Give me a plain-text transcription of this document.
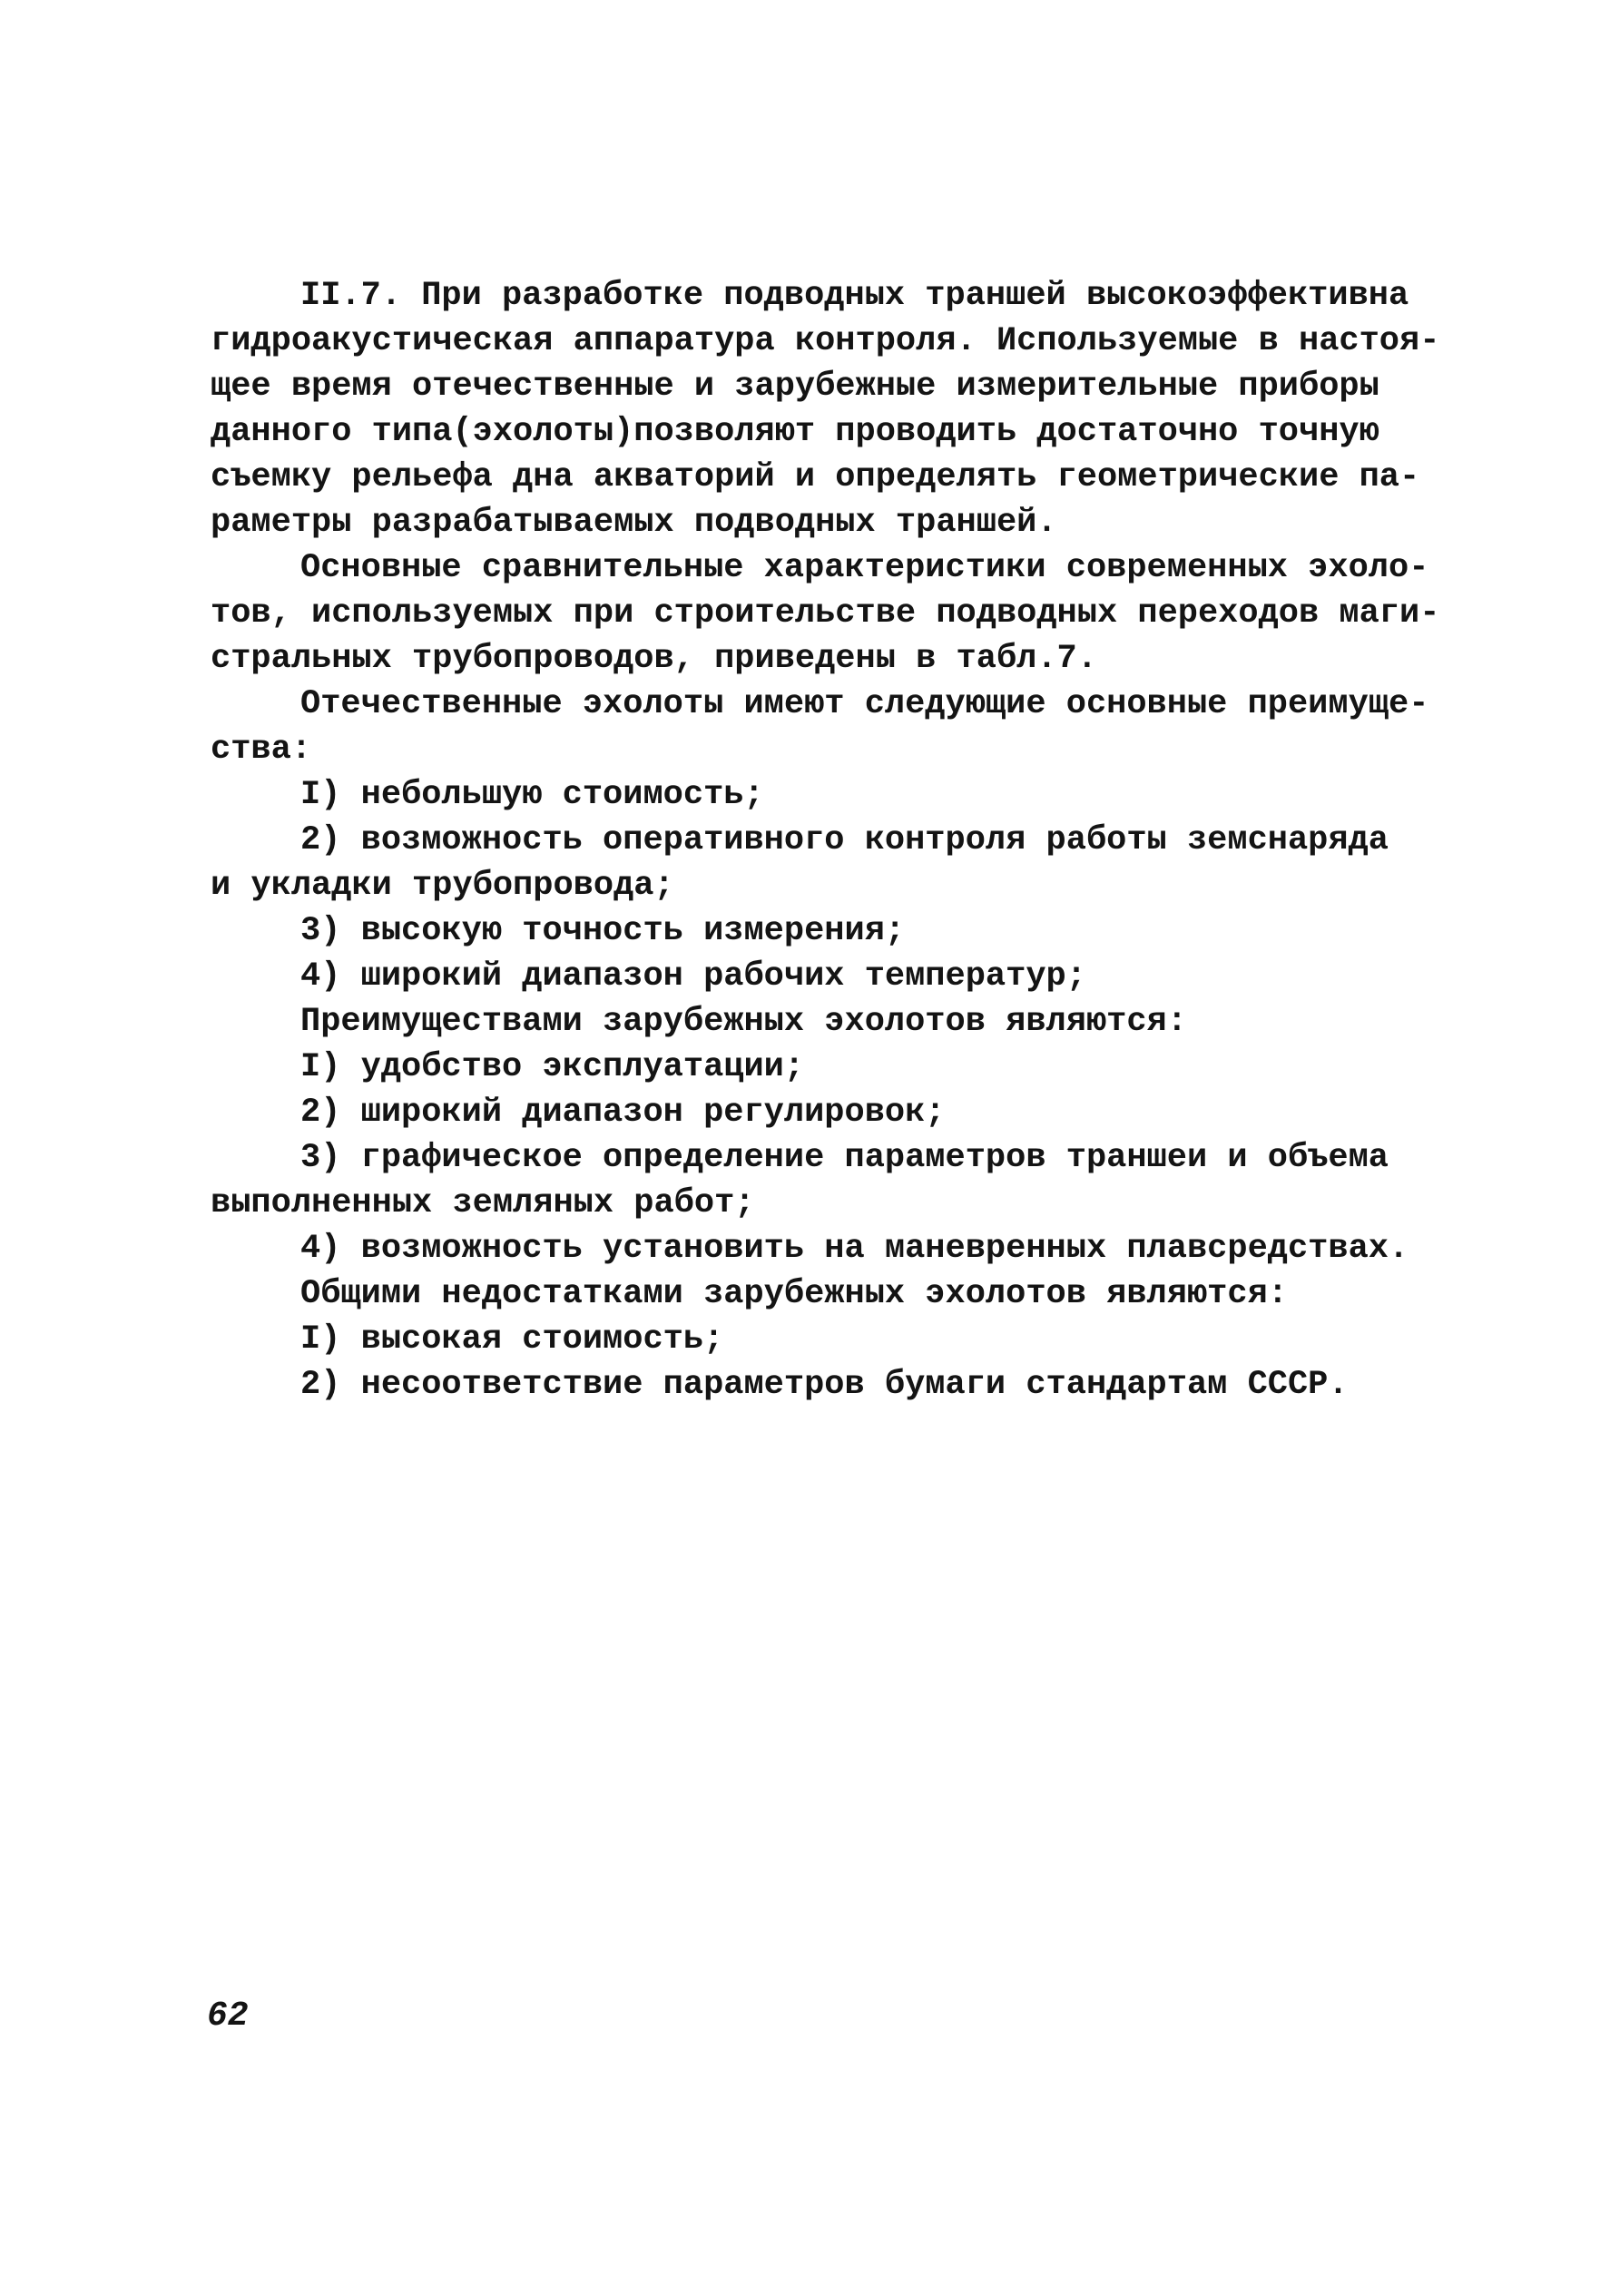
II.7. При разработке подводных траншей высокоэффективна
гидроакустическая аппаратура контроля. Используемые в настоя-
щее время отечественные и зарубежные измерительные приборы
данного типа(эхолоты)позволяют проводить достаточно точную
съемку рельефа дна акваторий и определять геометрические па-
раметры разрабатываемых подводных траншей.
Основные сравнительные характеристики современных эхоло-
тов, используемых при строительстве подводных переходов маги-
стральных трубопроводов, приведены в табл.7.
Отечественные эхолоты имеют следующие основные преимуще-
ства:
I) небольшую стоимость;
2) возможность оперативного контроля работы земснаряда
и укладки трубопровода;
3) высокую точность измерения;
4) широкий диапазон рабочих температур;
Преимуществами зарубежных эхолотов являются:
I) удобство эксплуатации;
2) широкий диапазон регулировок;
3) графическое определение параметров траншеи и объема
выполненных земляных работ;
4) возможность установить на маневренных плавсредствах.
Общими недостатками зарубежных эхолотов являются:
I) высокая стоимость;
2) несоответствие параметров бумаги стандартам СССР.
62
